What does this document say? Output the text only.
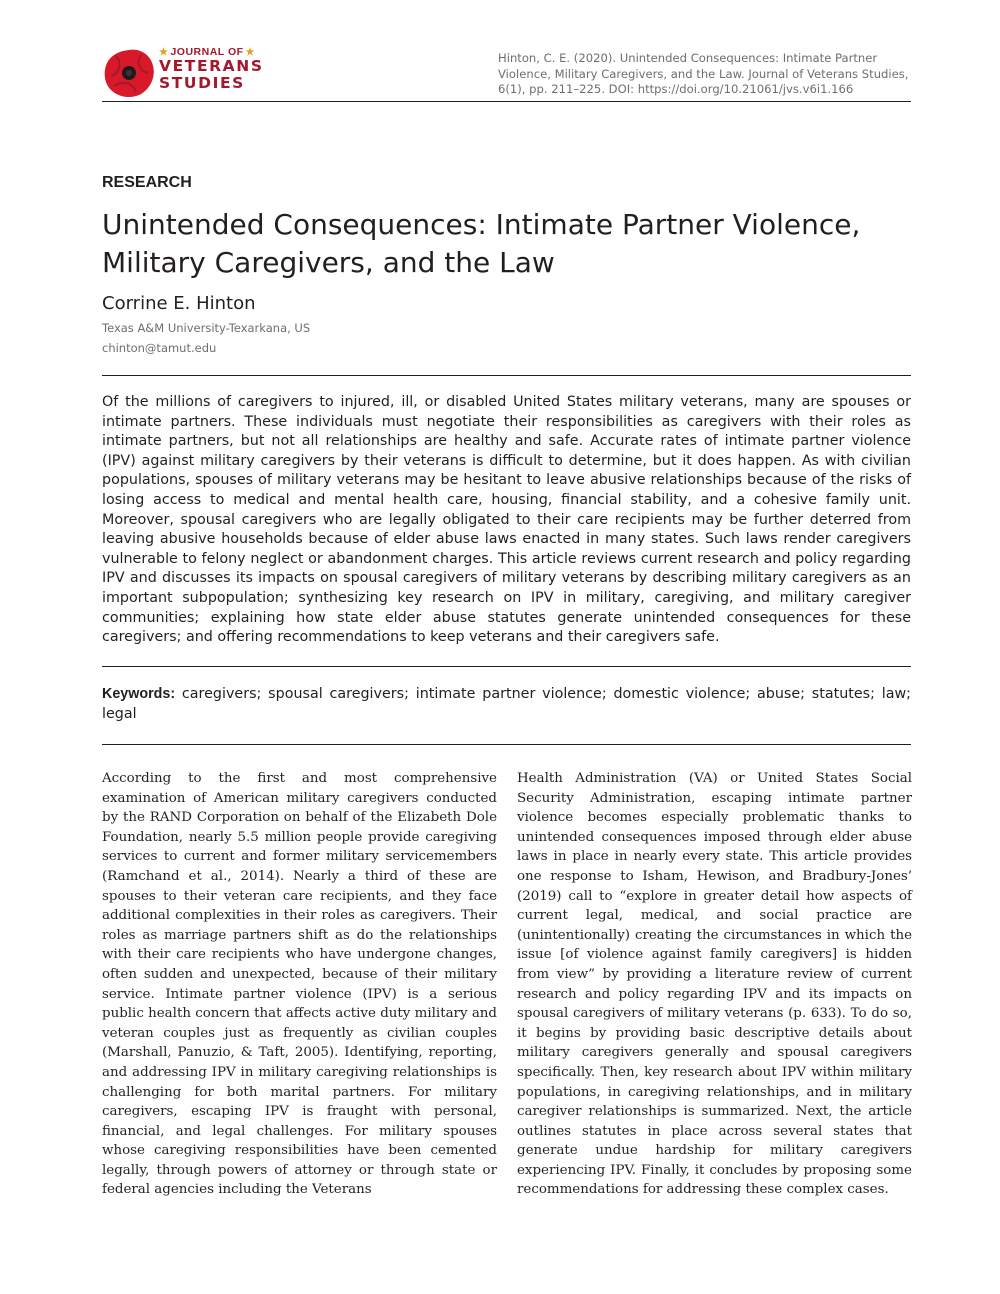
★ JOURNAL OF ★
VETERANS
STUDIES
Hinton, C. E. (2020). Unintended Consequences: Intimate Partner Violence, Military Caregivers, and the Law. Journal of Veterans Studies, 6(1), pp. 211–225. DOI: https://doi.org/10.21061/jvs.v6i1.166
RESEARCH
Unintended Consequences: Intimate Partner Violence, Military Caregivers, and the Law
Corrine E. Hinton
Texas A&M University-Texarkana, US
chinton@tamut.edu

Of the millions of caregivers to injured, ill, or disabled United States military veterans, many are spouses or intimate partners. These individuals must negotiate their responsibilities as caregivers with their roles as intimate partners, but not all relationships are healthy and safe. Accurate rates of intimate partner violence (IPV) against military caregivers by their veterans is difficult to determine, but it does happen. As with civilian populations, spouses of military veterans may be hesitant to leave abusive relationships because of the risks of losing access to medical and mental health care, housing, financial stability, and a cohesive family unit. Moreover, spousal caregivers who are legally obligated to their care recipients may be further deterred from leaving abusive households because of elder abuse laws enacted in many states. Such laws render caregivers vulnerable to felony neglect or abandonment charges. This article reviews current research and policy regarding IPV and discusses its impacts on spousal caregivers of military veterans by describing military caregivers as an important subpopulation; synthesizing key research on IPV in military, caregiving, and military caregiver communities; explaining how state elder abuse statutes generate unintended consequences for these caregivers; and offering recommendations to keep veterans and their caregivers safe.

Keywords: caregivers; spousal caregivers; intimate partner violence; domestic violence; abuse; statutes; law; legal

According to the first and most comprehensive examination of American military caregivers conducted by the RAND Corporation on behalf of the Elizabeth Dole Foundation, nearly 5.5 million people provide caregiving services to current and former military servicemembers (Ramchand et al., 2014). Nearly a third of these are spouses to their veteran care recipients, and they face additional complexities in their roles as caregivers. Their roles as marriage partners shift as do the relationships with their care recipients who have undergone changes, often sudden and unexpected, because of their military service. Intimate partner violence (IPV) is a serious public health concern that affects active duty military and veteran couples just as frequently as civilian couples (Marshall, Panuzio, & Taft, 2005). Identifying, reporting, and addressing IPV in military caregiving relationships is challenging for both marital partners. For military caregivers, escaping IPV is fraught with personal, financial, and legal challenges. For military spouses whose caregiving responsibilities have been cemented legally, through powers of attorney or through state or federal agencies including the Veterans

Health Administration (VA) or United States Social Security Administration, escaping intimate partner violence becomes especially problematic thanks to unintended consequences imposed through elder abuse laws in place in nearly every state. This article provides one response to Isham, Hewison, and Bradbury-Jones’ (2019) call to “explore in greater detail how aspects of current legal, medical, and social practice are (unintentionally) creating the circumstances in which the issue [of violence against family caregivers] is hidden from view” by providing a literature review of current research and policy regarding IPV and its impacts on spousal caregivers of military veterans (p. 633). To do so, it begins by providing basic descriptive details about military caregivers generally and spousal caregivers specifically. Then, key research about IPV within military populations, in caregiving relationships, and in military caregiver relationships is summarized. Next, the article outlines statutes in place across several states that generate undue hardship for military caregivers experiencing IPV. Finally, it concludes by proposing some recommendations for addressing these complex cases.
